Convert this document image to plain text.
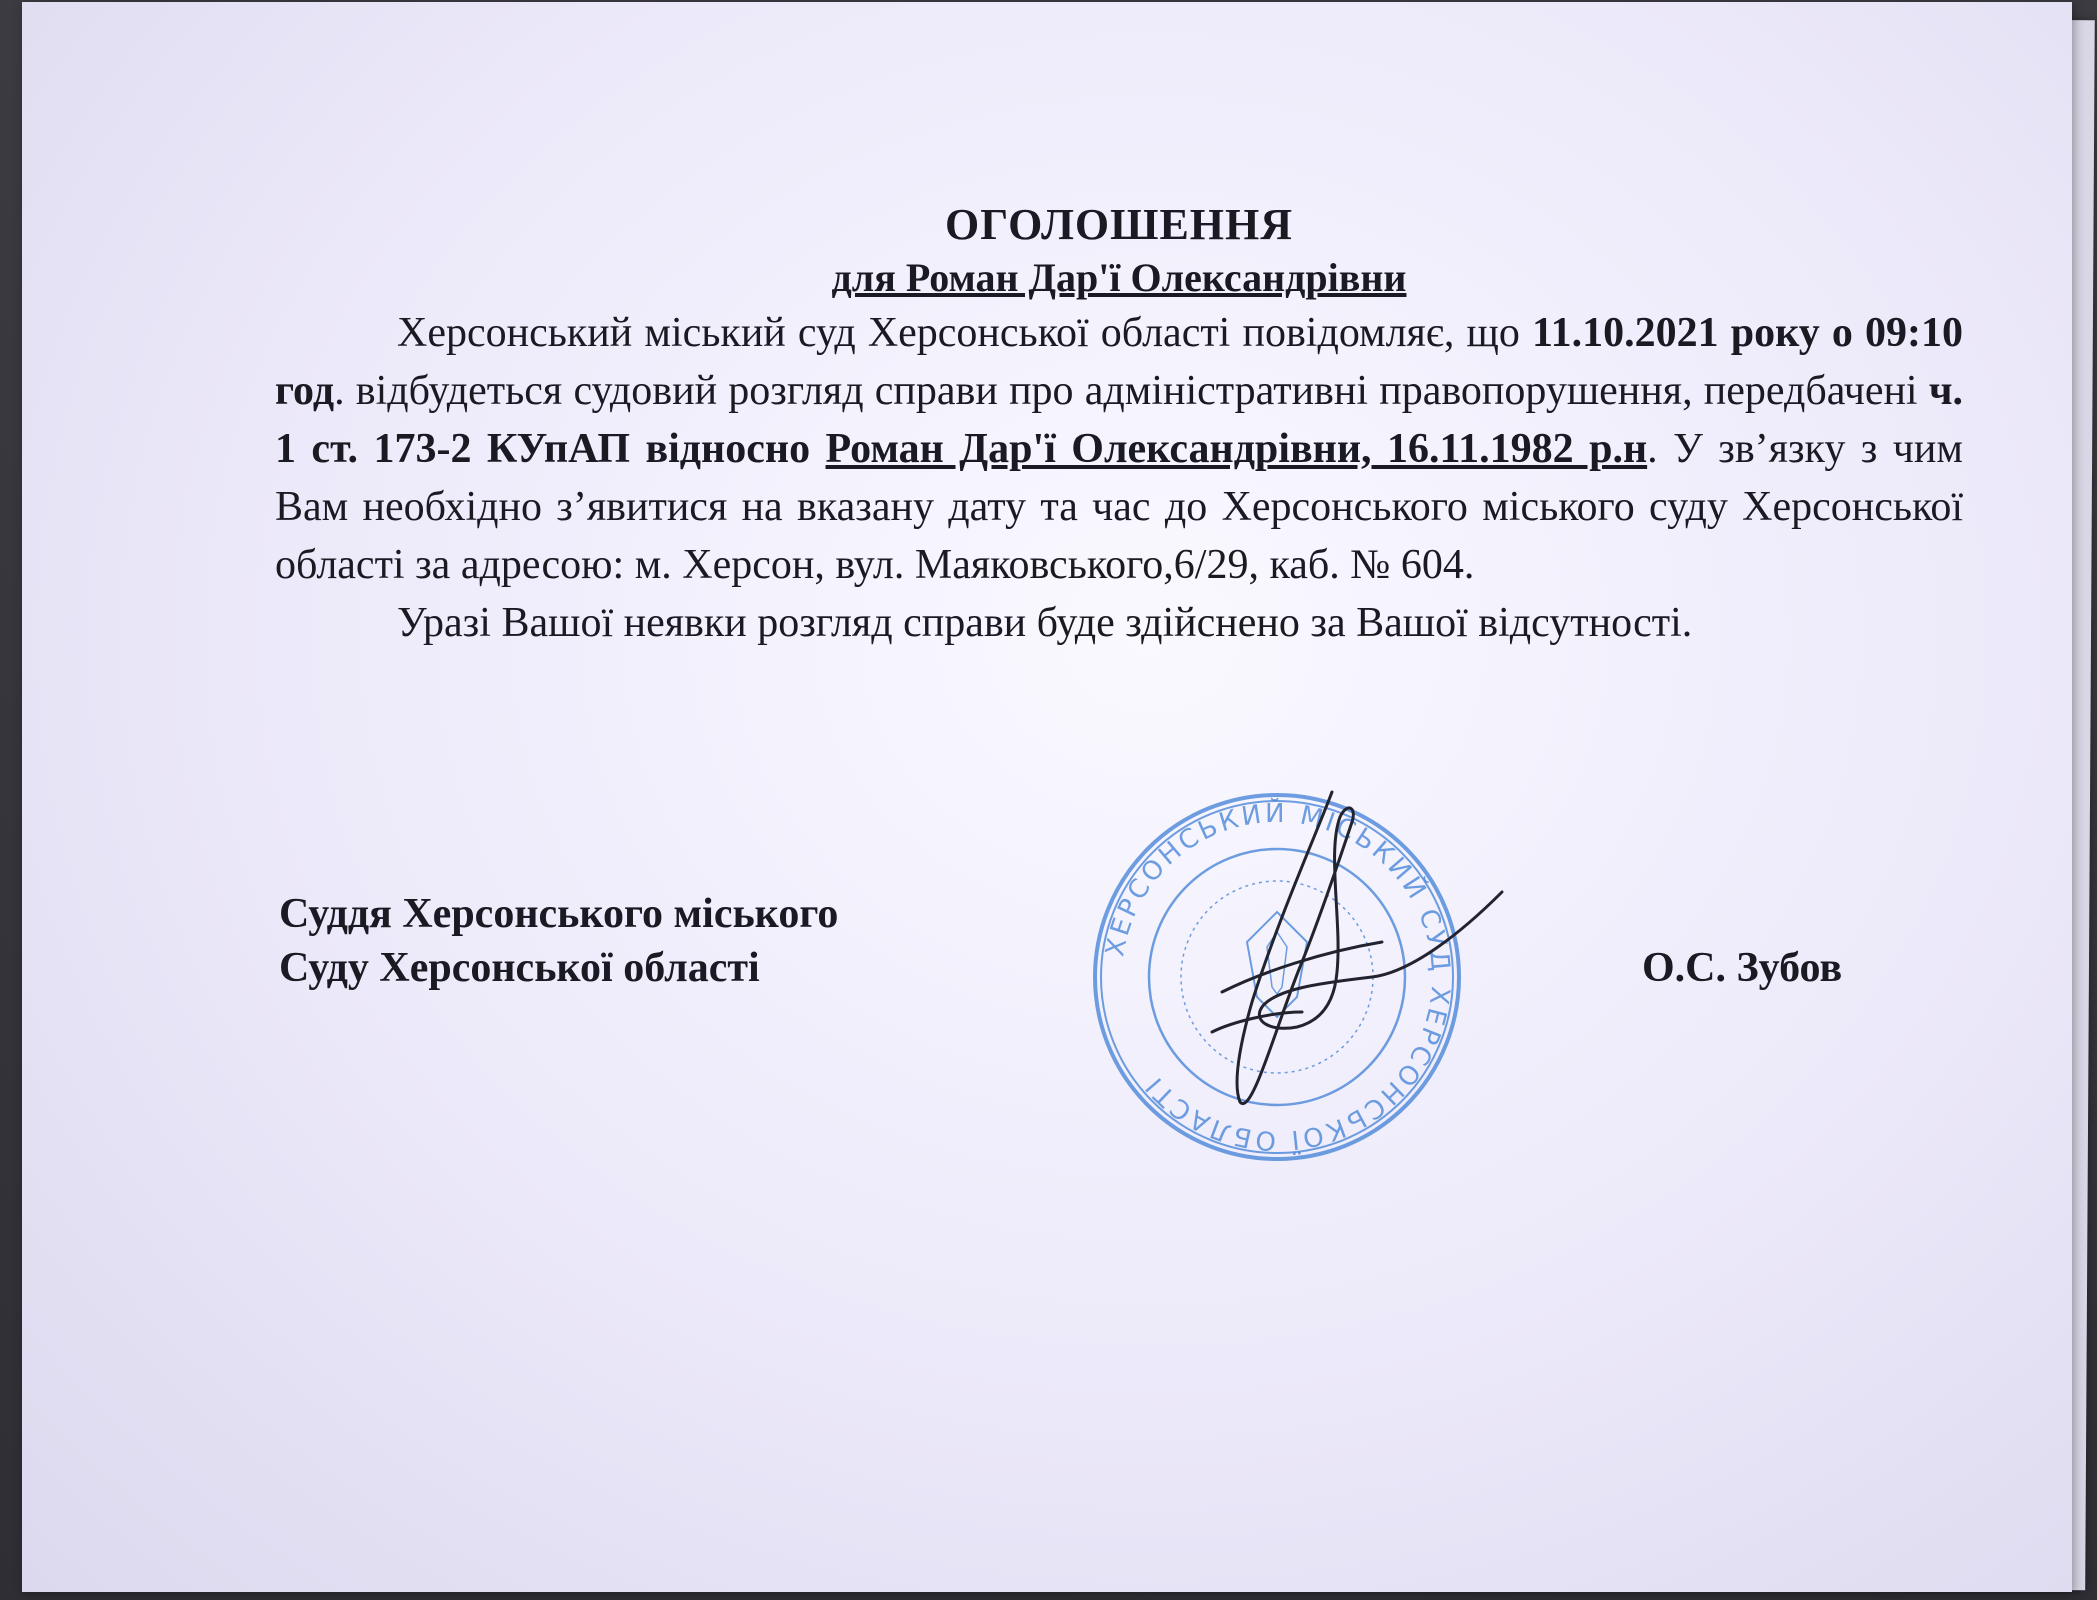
ОГОЛОШЕННЯ

для Роман Дар'ї Олександрівни

Херсонський міський суд Херсонської області повідомляє, що 11.10.2021 року о 09:10 год. відбудеться судовий розгляд справи про адміністративні правопорушення, передбачені ч. 1 ст. 173-2 КУпАП відносно Роман Дар'ї Олександрівни, 16.11.1982 р.н. У зв’язку з чим Вам необхідно з’явитися на вказану дату та час до Херсонського міського суду Херсонської області за адресою: м. Херсон, вул. Маяковського,6/29, каб. № 604.

Уразі Вашої неявки розгляд справи буде здійснено за Вашої відсутності.

Суддя Херсонського міського
Суду Херсонської області	О.С. Зубов
ХЕРСОНСЬКИЙ МІСЬКИЙ СУД ХЕРСОНСЬКОЇ ОБЛАСТІ
